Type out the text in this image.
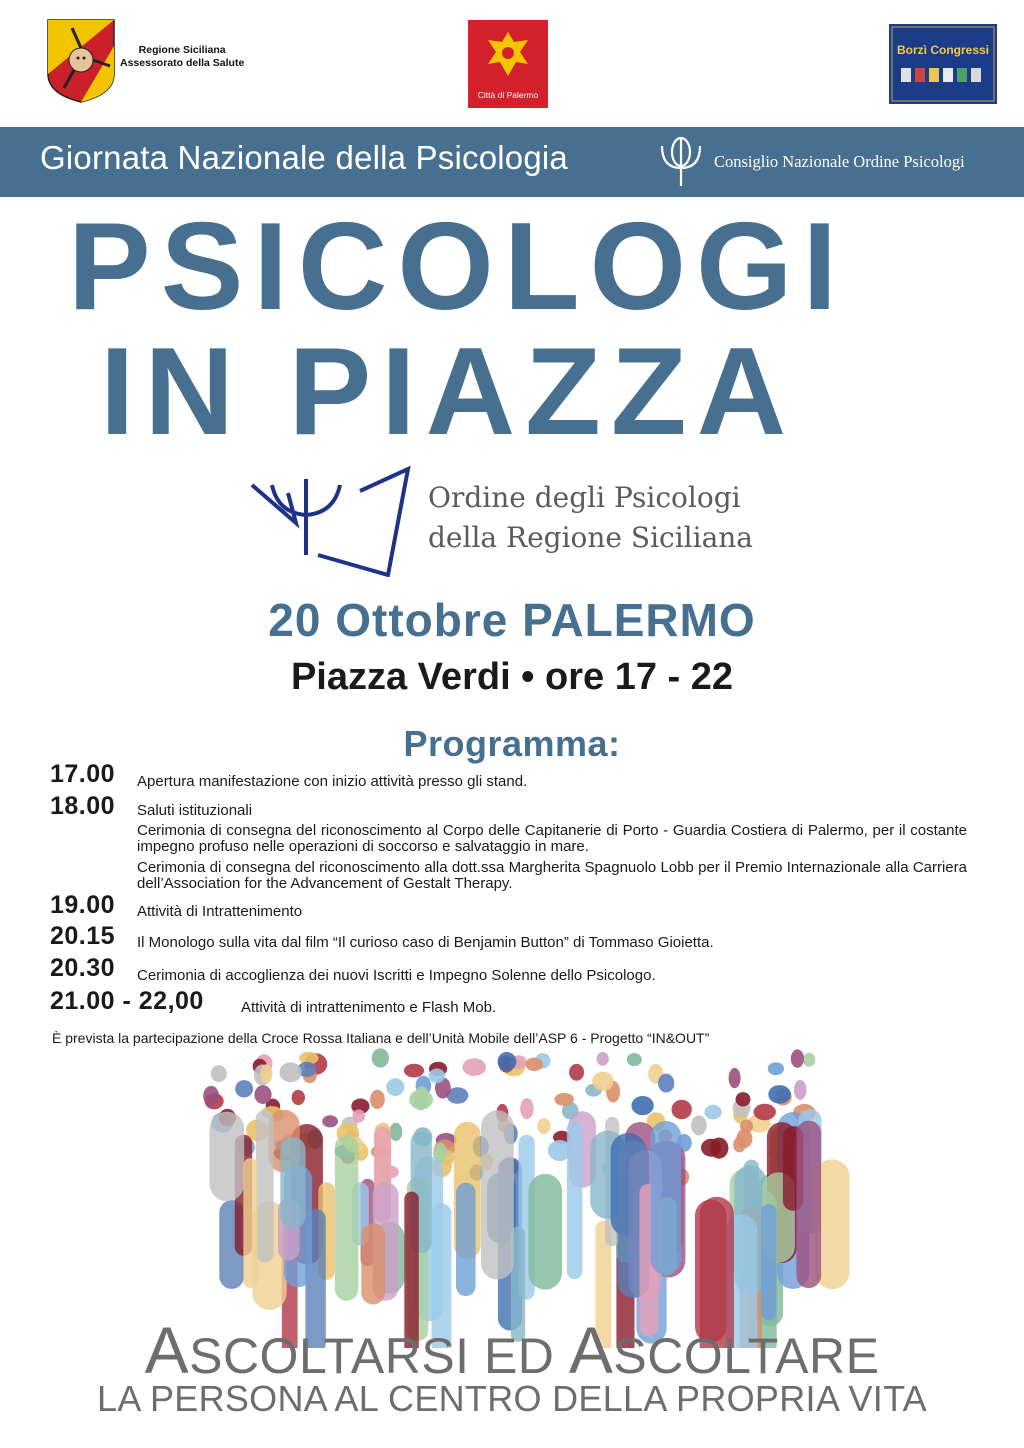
Regione Siciliana
Assessorato della Salute
Città di Palermo
Borzì Congressi
Giornata Nazionale della Psicologia	Consiglio Nazionale Ordine Psicologi
PSICOLOGI
IN PIAZZA
Ordine degli Psicologi
della Regione Siciliana
20 Ottobre PALERMO
Piazza Verdi • ore 17 - 22
Programma:
17.00 Apertura manifestazione con inizio attività presso gli stand.
18.00 Saluti istituzionali
Cerimonia di consegna del riconoscimento al Corpo delle Capitanerie di Porto - Guardia Costiera di Palermo, per il costante impegno profuso nelle operazioni di soccorso e salvataggio in mare.
Cerimonia di consegna del riconoscimento alla dott.ssa Margherita Spagnuolo Lobb per il Premio Internazionale alla Carriera dell’Association for the Advancement of Gestalt Therapy.
19.00 Attività di Intrattenimento
20.15 Il Monologo sulla vita dal film “Il curioso caso di Benjamin Button” di Tommaso Gioietta.
20.30 Cerimonia di accoglienza dei nuovi Iscritti e Impegno Solenne dello Psicologo.
21.00 - 22,00 Attività di intrattenimento e Flash Mob.
È prevista la partecipazione della Croce Rossa Italiana e dell’Unità Mobile dell’ASP 6 - Progetto “IN&OUT”
ASCOLTARSI ED ASCOLTARE
LA PERSONA AL CENTRO DELLA PROPRIA VITA
